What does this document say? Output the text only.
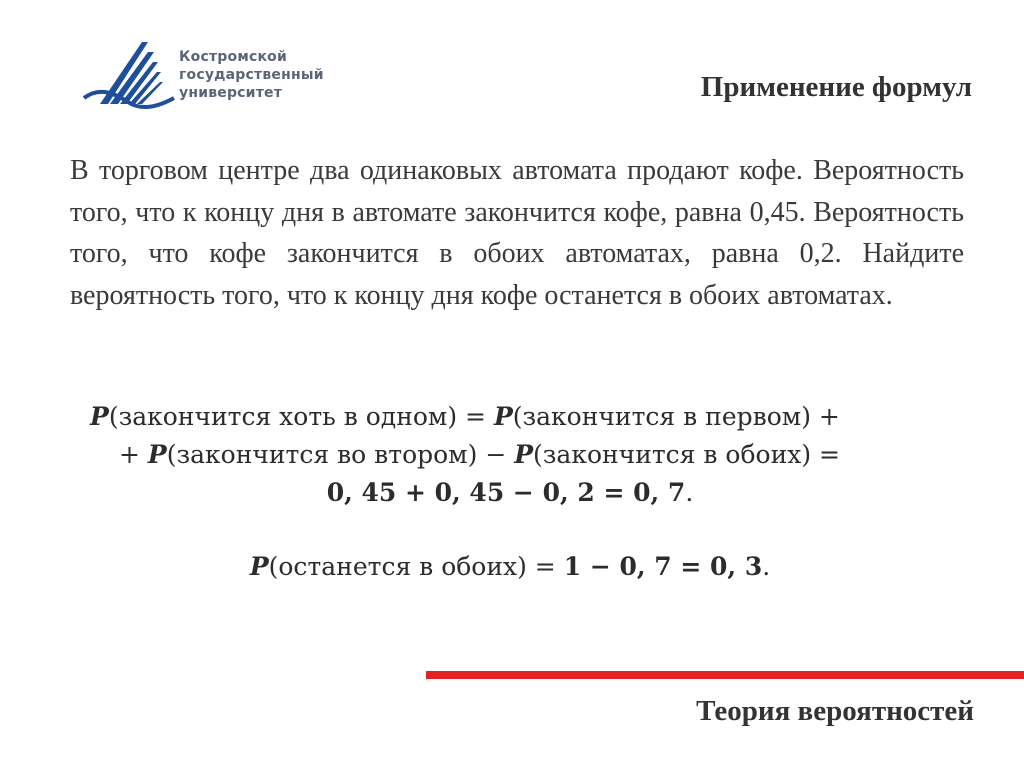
Костромской
государственный
университет	Применение формул
В торговом центре два одинаковых автомата продают кофе. Вероятность того, что к концу дня в автомате закончится кофе, равна 0,45. Вероятность того, что кофе закончится в обоих автоматах, равна 0,2. Найдите вероятность того, что к концу дня кофе останется в обоих автоматах.
P(закончится хоть в одном) = P(закончится в первом) +
+ P(закончится во втором) − P(закончится в обоих) =
0, 45 + 0, 45 − 0, 2 = 0, 7.
P(останется в обоих) = 1 − 0, 7 = 0, 3.
Теория вероятностей
